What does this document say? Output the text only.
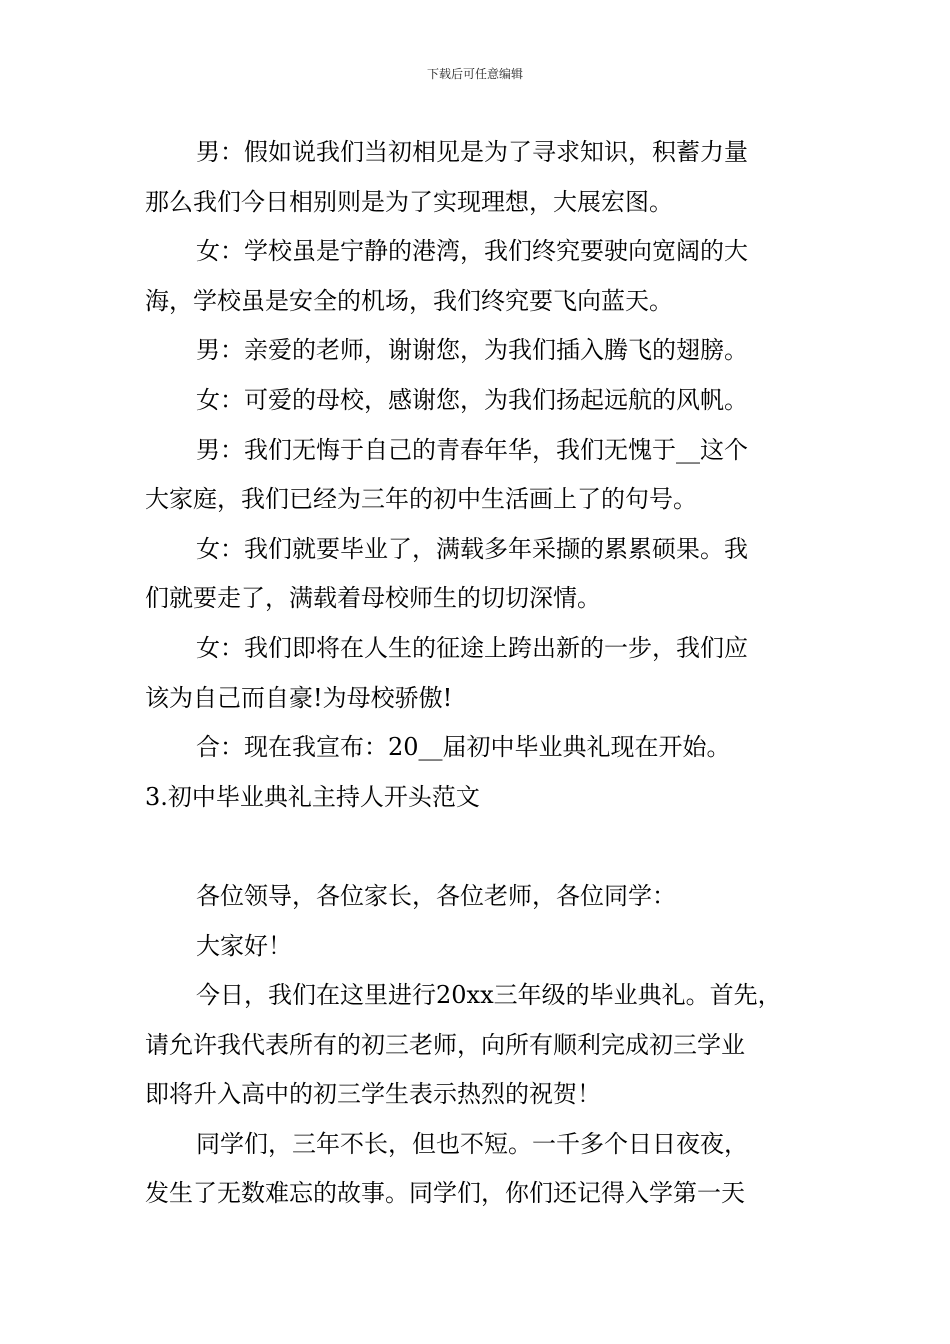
下载后可任意编辑
男：假如说我们当初相见是为了寻求知识，积蓄力量
那么我们今日相别则是为了实现理想，大展宏图。
女：学校虽是宁静的港湾，我们终究要驶向宽阔的大
海，学校虽是安全的机场，我们终究要飞向蓝天。
男：亲爱的老师，谢谢您，为我们插入腾飞的翅膀。
女：可爱的母校，感谢您，为我们扬起远航的风帆。
男：我们无悔于自己的青春年华，我们无愧于__这个
大家庭，我们已经为三年的初中生活画上了的句号。
女：我们就要毕业了，满载多年采撷的累累硕果。我
们就要走了，满载着母校师生的切切深情。
女：我们即将在人生的征途上跨出新的一步，我们应
该为自己而自豪!为母校骄傲!
合：现在我宣布：20__届初中毕业典礼现在开始。
3.初中毕业典礼主持人开头范文
各位领导，各位家长，各位老师，各位同学：
大家好！
今日，我们在这里进行20xx三年级的毕业典礼。首先，
请允许我代表所有的初三老师，向所有顺利完成初三学业
即将升入高中的初三学生表示热烈的祝贺！
同学们，三年不长，但也不短。一千多个日日夜夜，
发生了无数难忘的故事。同学们，你们还记得入学第一天
